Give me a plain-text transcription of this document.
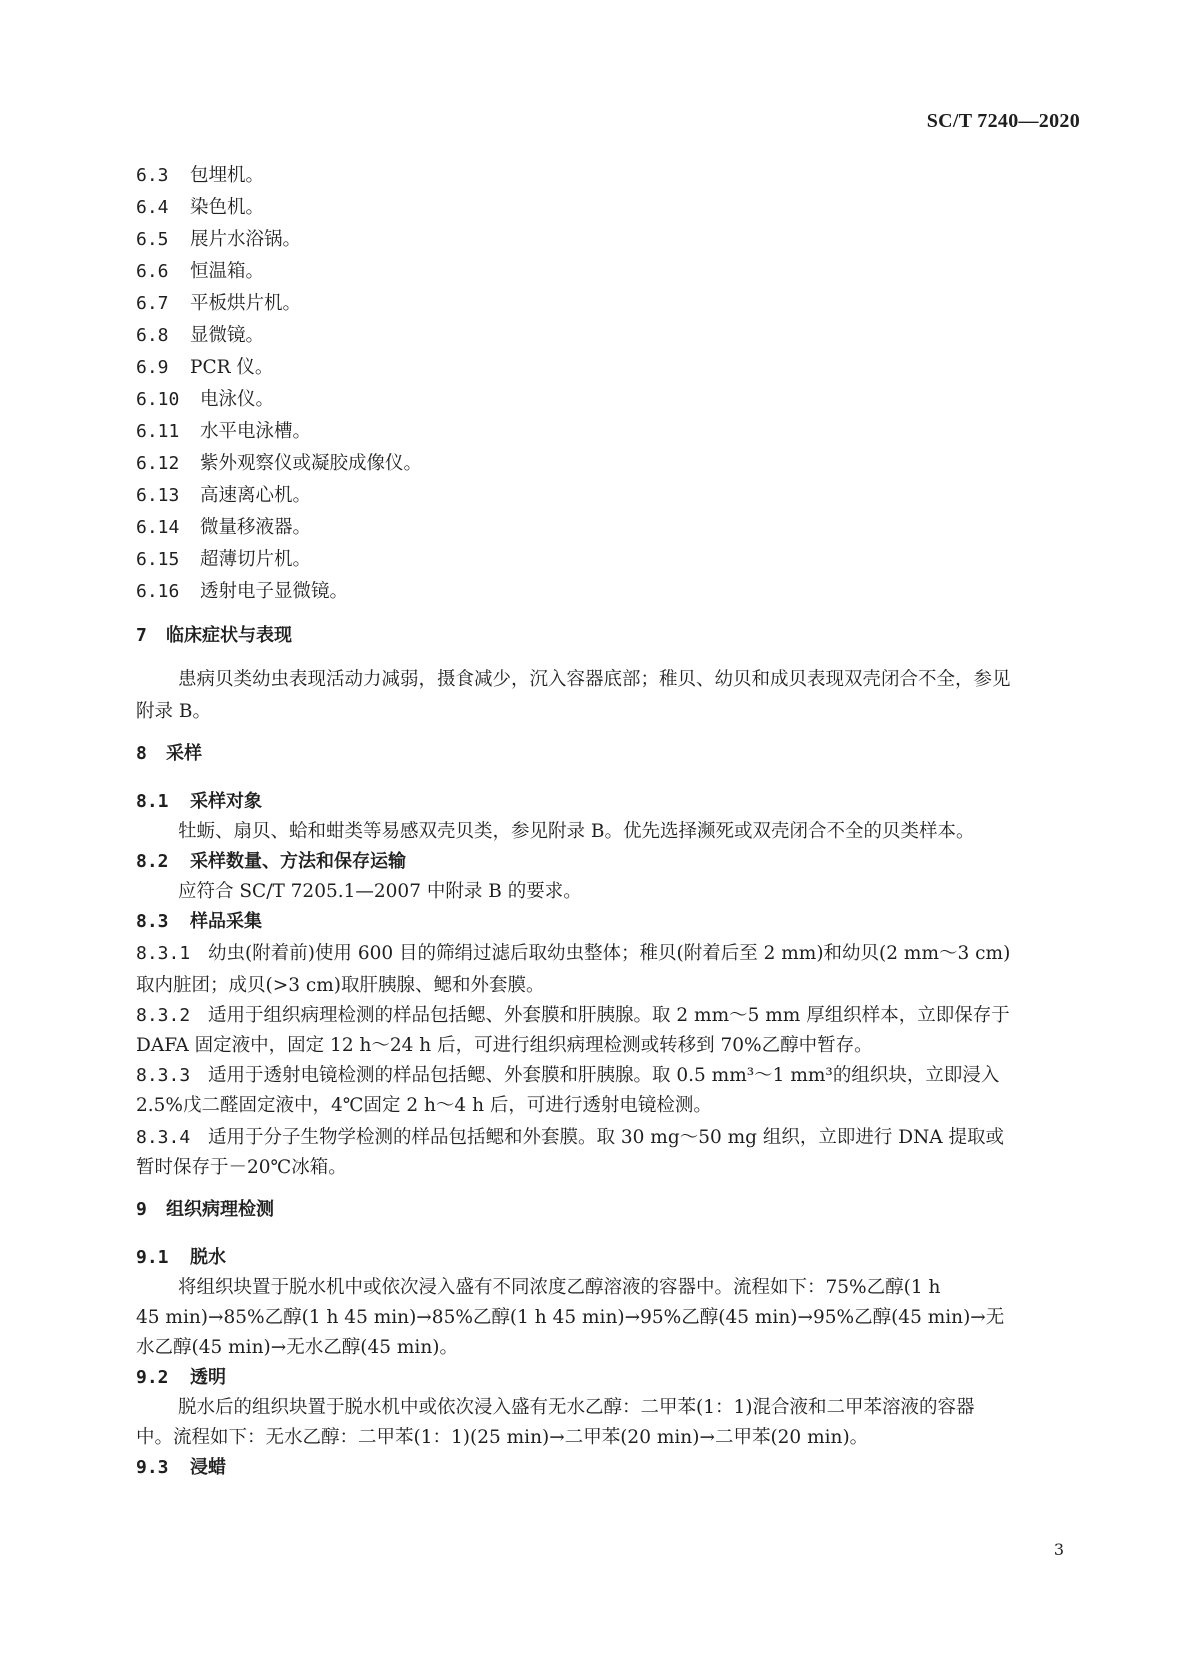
SC/T 7240—2020
6.3 包埋机。
6.4 染色机。
6.5 展片水浴锅。
6.6 恒温箱。
6.7 平板烘片机。
6.8 显微镜。
6.9 PCR 仪。
6.10 电泳仪。
6.11 水平电泳槽。
6.12 紫外观察仪或凝胶成像仪。
6.13 高速离心机。
6.14 微量移液器。
6.15 超薄切片机。
6.16 透射电子显微镜。
7 临床症状与表现
患病贝类幼虫表现活动力减弱，摄食减少，沉入容器底部；稚贝、幼贝和成贝表现双壳闭合不全，参见
附录 B。
8 采样
8.1 采样对象
牡蛎、扇贝、蛤和蚶类等易感双壳贝类，参见附录 B。优先选择濒死或双壳闭合不全的贝类样本。
8.2 采样数量、方法和保存运输
应符合 SC/T 7205.1—2007 中附录 B 的要求。
8.3 样品采集
8.3.1 幼虫(附着前)使用 600 目的筛绢过滤后取幼虫整体；稚贝(附着后至 2 mm)和幼贝(2 mm～3 cm)
取内脏团；成贝(>3 cm)取肝胰腺、鳃和外套膜。
8.3.2 适用于组织病理检测的样品包括鳃、外套膜和肝胰腺。取 2 mm～5 mm 厚组织样本，立即保存于
DAFA 固定液中，固定 12 h～24 h 后，可进行组织病理检测或转移到 70%乙醇中暂存。
8.3.3 适用于透射电镜检测的样品包括鳃、外套膜和肝胰腺。取 0.5 mm³～1 mm³的组织块，立即浸入
2.5%戊二醛固定液中，4℃固定 2 h～4 h 后，可进行透射电镜检测。
8.3.4 适用于分子生物学检测的样品包括鳃和外套膜。取 30 mg～50 mg 组织，立即进行 DNA 提取或
暂时保存于－20℃冰箱。
9 组织病理检测
9.1 脱水
将组织块置于脱水机中或依次浸入盛有不同浓度乙醇溶液的容器中。流程如下：75%乙醇(1 h
45 min)→85%乙醇(1 h 45 min)→85%乙醇(1 h 45 min)→95%乙醇(45 min)→95%乙醇(45 min)→无
水乙醇(45 min)→无水乙醇(45 min)。
9.2 透明
脱水后的组织块置于脱水机中或依次浸入盛有无水乙醇：二甲苯(1：1)混合液和二甲苯溶液的容器
中。流程如下：无水乙醇：二甲苯(1：1)(25 min)→二甲苯(20 min)→二甲苯(20 min)。
9.3 浸蜡
3
